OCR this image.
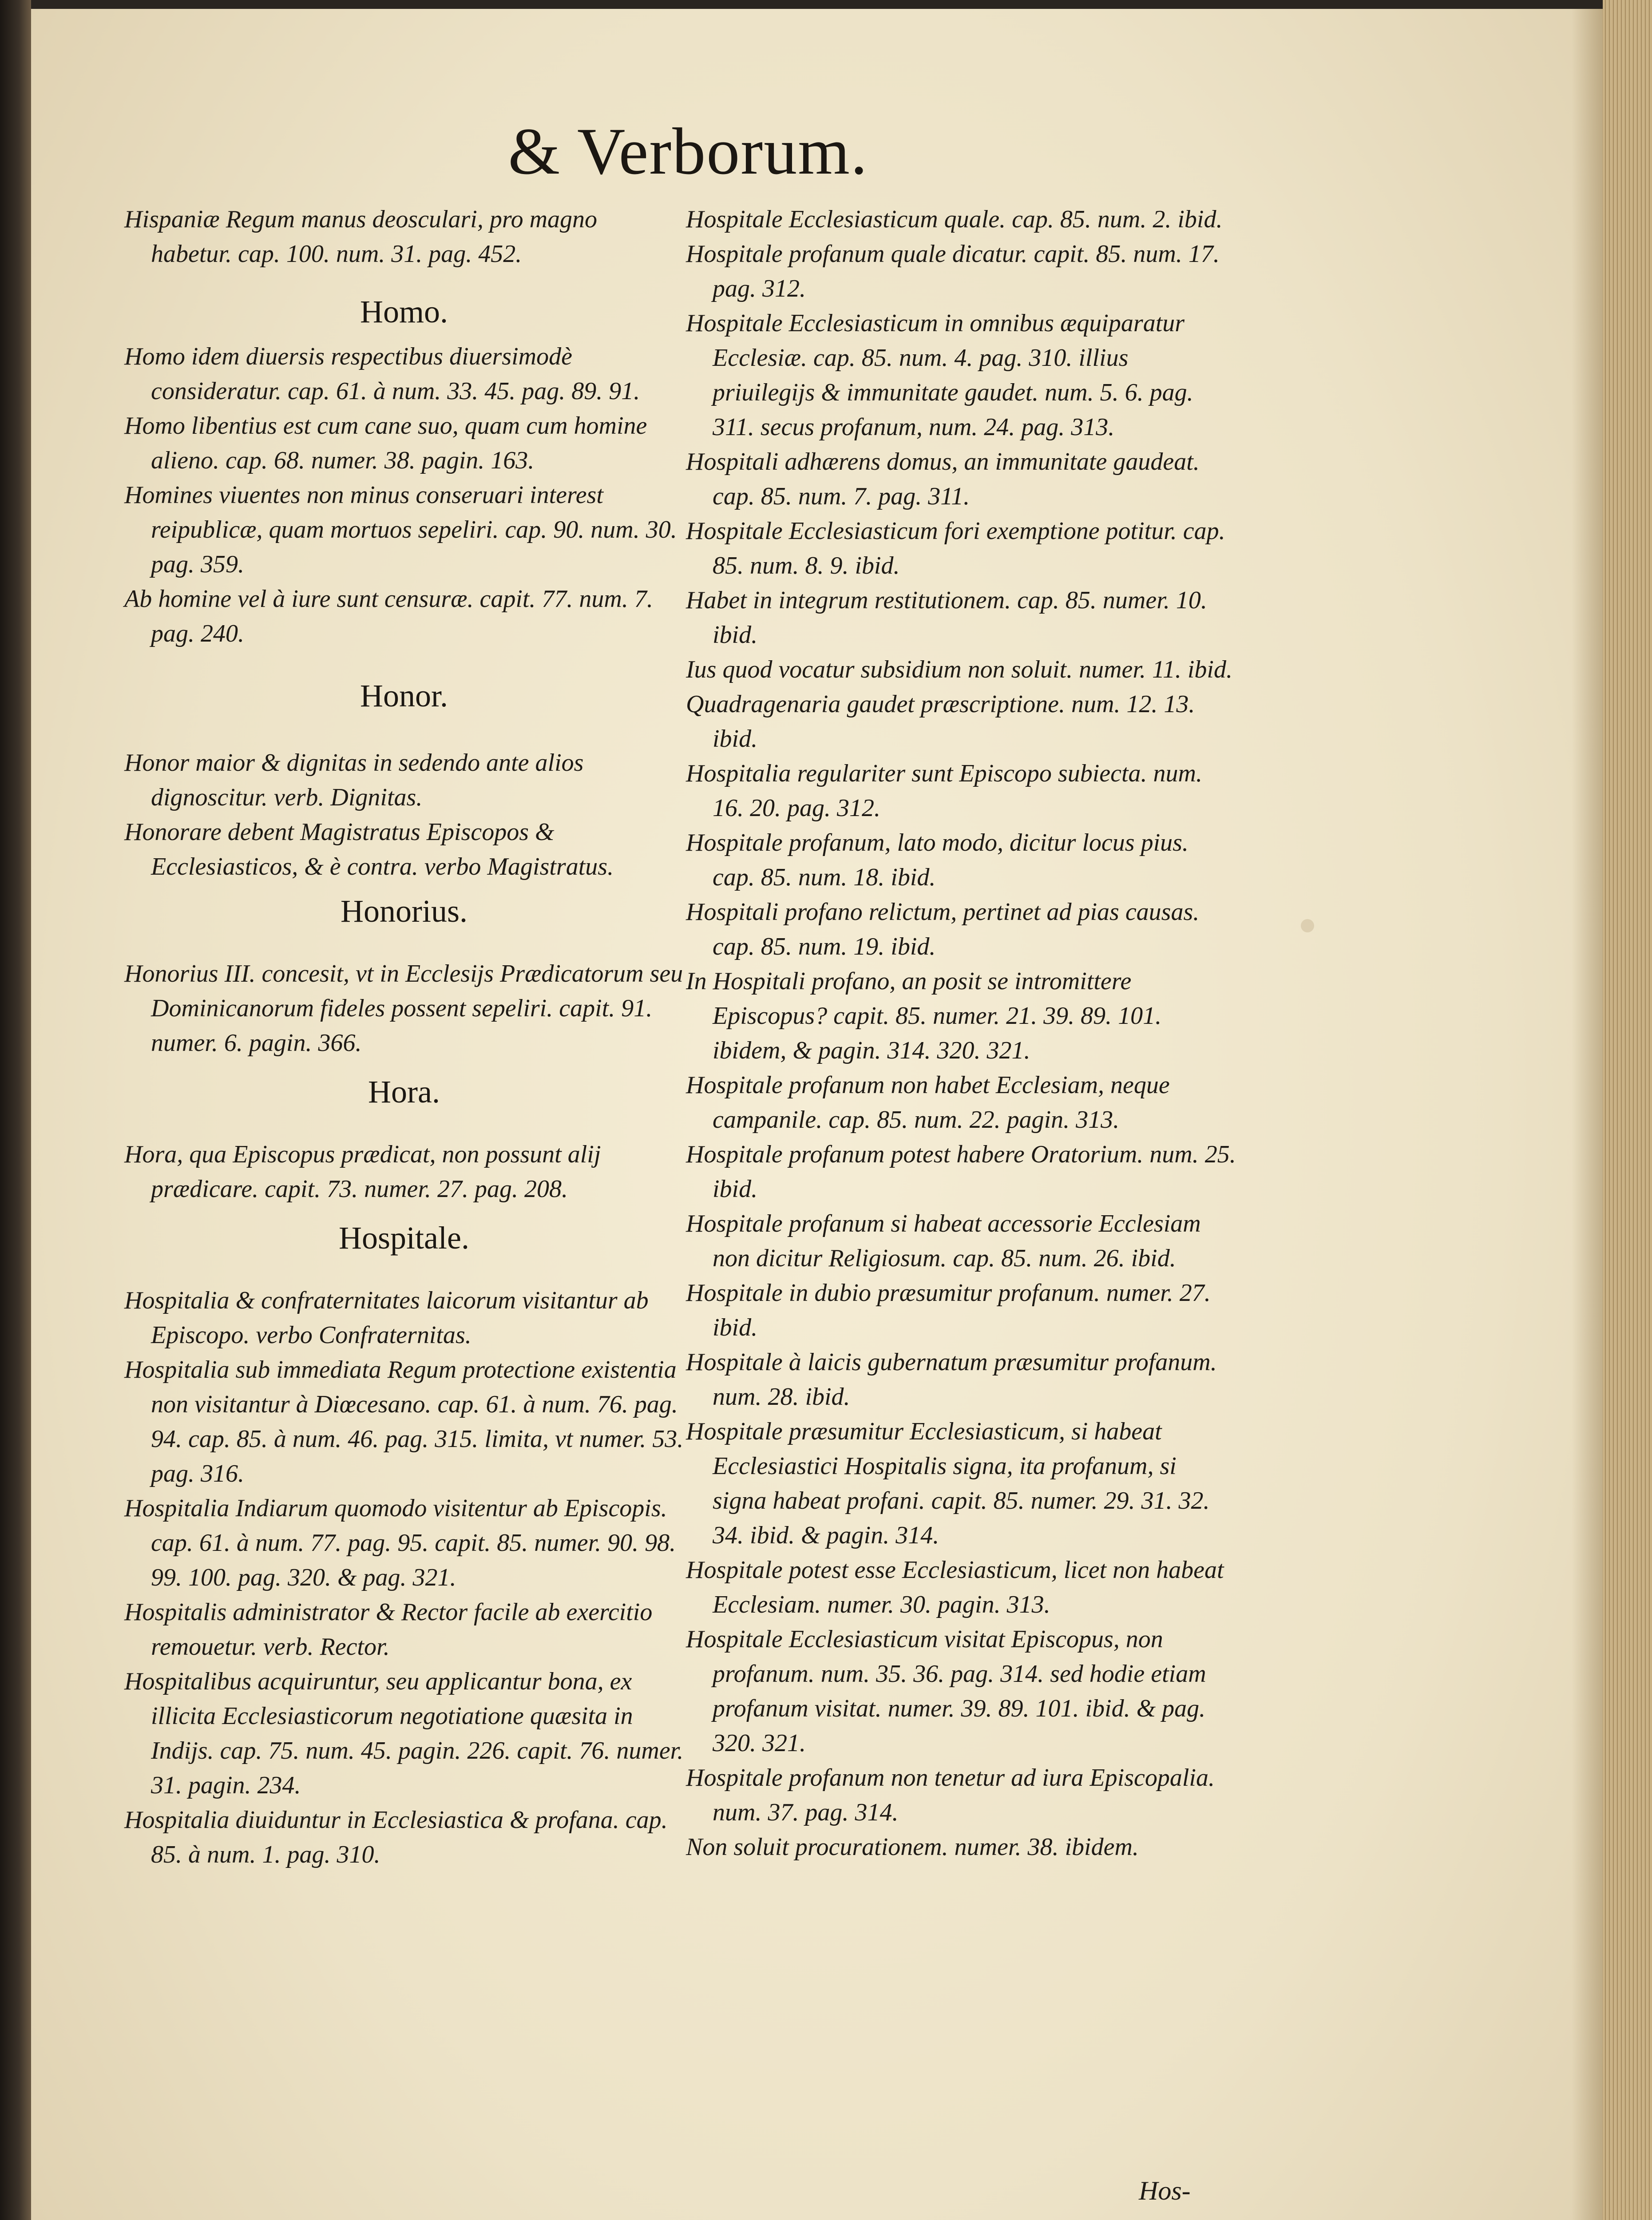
& Verborum.

Hispaniæ Regum manus deosculari, pro magno habetur. cap. 100. num. 31. pag. 452.

Homo.

Homo idem diuersis respectibus diuersimodè consideratur. cap. 61. à num. 33. 45. pag. 89. 91.

Homo libentius est cum cane suo, quam cum homine alieno. cap. 68. numer. 38. pagin. 163.

Homines viuentes non minus conseruari interest reipublicæ, quam mortuos sepeliri. cap. 90. num. 30. pag. 359.

Ab homine vel à iure sunt censuræ. capit. 77. num. 7. pag. 240.

Honor.

Honor maior & dignitas in sedendo ante alios dignoscitur. verb. Dignitas.

Honorare debent Magistratus Episcopos & Ecclesiasticos, & è contra. verbo Magistratus.

Honorius.

Honorius III. concesit, vt in Ecclesijs Prædicatorum seu Dominicanorum fideles possent sepeliri. capit. 91. numer. 6. pagin. 366.

Hora.

Hora, qua Episcopus prædicat, non possunt alij prædicare. capit. 73. numer. 27. pag. 208.

Hospitale.

Hospitalia & confraternitates laicorum visitantur ab Episcopo. verbo Confraternitas.

Hospitalia sub immediata Regum protectione existentia non visitantur à Diœcesano. cap. 61. à num. 76. pag. 94. cap. 85. à num. 46. pag. 315. limita, vt numer. 53. pag. 316.

Hospitalia Indiarum quomodo visitentur ab Episcopis. cap. 61. à num. 77. pag. 95. capit. 85. numer. 90. 98. 99. 100. pag. 320. & pag. 321.

Hospitalis administrator & Rector facile ab exercitio remouetur. verb. Rector.

Hospitalibus acquiruntur, seu applicantur bona, ex illicita Ecclesiasticorum negotiatione quæsita in Indijs. cap. 75. num. 45. pagin. 226. capit. 76. numer. 31. pagin. 234.

Hospitalia diuiduntur in Ecclesiastica & profana. cap. 85. à num. 1. pag. 310.

Hospitale Ecclesiasticum quale. cap. 85. num. 2. ibid.

Hospitale profanum quale dicatur. capit. 85. num. 17. pag. 312.

Hospitale Ecclesiasticum in omnibus æquiparatur Ecclesiæ. cap. 85. num. 4. pag. 310. illius priuilegijs & immunitate gaudet. num. 5. 6. pag. 311. secus profanum, num. 24. pag. 313.

Hospitali adhærens domus, an immunitate gaudeat. cap. 85. num. 7. pag. 311.

Hospitale Ecclesiasticum fori exemptione potitur. cap. 85. num. 8. 9. ibid.

Habet in integrum restitutionem. cap. 85. numer. 10. ibid.

Ius quod vocatur subsidium non soluit. numer. 11. ibid.

Quadragenaria gaudet præscriptione. num. 12. 13. ibid.

Hospitalia regulariter sunt Episcopo subiecta. num. 16. 20. pag. 312.

Hospitale profanum, lato modo, dicitur locus pius. cap. 85. num. 18. ibid.

Hospitali profano relictum, pertinet ad pias causas. cap. 85. num. 19. ibid.

In Hospitali profano, an posit se intromittere Episcopus? capit. 85. numer. 21. 39. 89. 101. ibidem, & pagin. 314. 320. 321.

Hospitale profanum non habet Ecclesiam, neque campanile. cap. 85. num. 22. pagin. 313.

Hospitale profanum potest habere Oratorium. num. 25. ibid.

Hospitale profanum si habeat accessorie Ecclesiam non dicitur Religiosum. cap. 85. num. 26. ibid.

Hospitale in dubio præsumitur profanum. numer. 27. ibid.

Hospitale à laicis gubernatum præsumitur profanum. num. 28. ibid.

Hospitale præsumitur Ecclesiasticum, si habeat Ecclesiastici Hospitalis signa, ita profanum, si signa habeat profani. capit. 85. numer. 29. 31. 32. 34. ibid. & pagin. 314.

Hospitale potest esse Ecclesiasticum, licet non habeat Ecclesiam. numer. 30. pagin. 313.

Hospitale Ecclesiasticum visitat Episcopus, non profanum. num. 35. 36. pag. 314. sed hodie etiam profanum visitat. numer. 39. 89. 101. ibid. & pag. 320. 321.

Hospitale profanum non tenetur ad iura Episcopalia. num. 37. pag. 314.

Non soluit procurationem. numer. 38. ibidem.

Hos-
